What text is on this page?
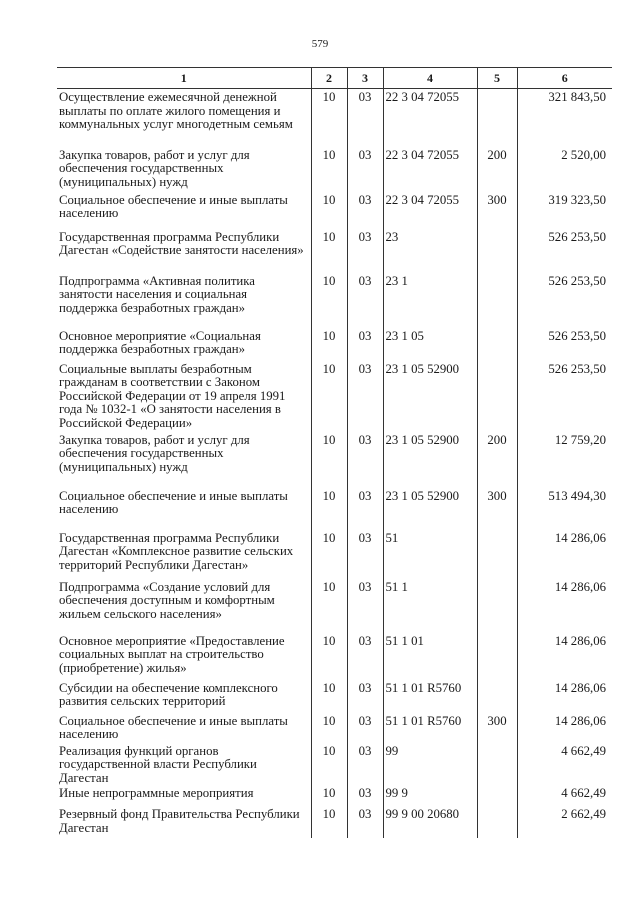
579
1	2	3	4	5	6
Осуществление ежемесячной денежной выплаты по оплате жилого помещения и коммунальных услуг многодетным семьям	10	03	22 3 04 72055		321 843,50
Закупка товаров, работ и услуг для обеспечения государственных (муниципальных) нужд	10	03	22 3 04 72055	200	2 520,00
Социальное обеспечение и иные выплаты населению	10	03	22 3 04 72055	300	319 323,50
Государственная программа Республики Дагестан «Содействие занятости населения»	10	03	23		526 253,50
Подпрограмма «Активная политика занятости населения и социальная поддержка безработных граждан»	10	03	23 1		526 253,50
Основное мероприятие «Социальная поддержка безработных граждан»	10	03	23 1 05		526 253,50
Социальные выплаты безработным гражданам в соответствии с Законом Российской Федерации от 19 апреля 1991 года № 1032-1 «О занятости населения в Российской Федерации»	10	03	23 1 05 52900		526 253,50
Закупка товаров, работ и услуг для обеспечения государственных (муниципальных) нужд	10	03	23 1 05 52900	200	12 759,20
Социальное обеспечение и иные выплаты населению	10	03	23 1 05 52900	300	513 494,30
Государственная программа Республики Дагестан «Комплексное развитие сельских территорий Республики Дагестан»	10	03	51		14 286,06
Подпрограмма «Создание условий для обеспечения доступным и комфортным жильем сельского населения»	10	03	51 1		14 286,06
Основное мероприятие «Предоставление социальных выплат на строительство (приобретение) жилья»	10	03	51 1 01		14 286,06
Субсидии на обеспечение комплексного развития сельских территорий	10	03	51 1 01 R5760		14 286,06
Социальное обеспечение и иные выплаты населению	10	03	51 1 01 R5760	300	14 286,06
Реализация функций органов государственной власти Республики Дагестан	10	03	99		4 662,49
Иные непрограммные мероприятия	10	03	99 9		4 662,49
Резервный фонд Правительства Республики Дагестан	10	03	99 9 00 20680		2 662,49
